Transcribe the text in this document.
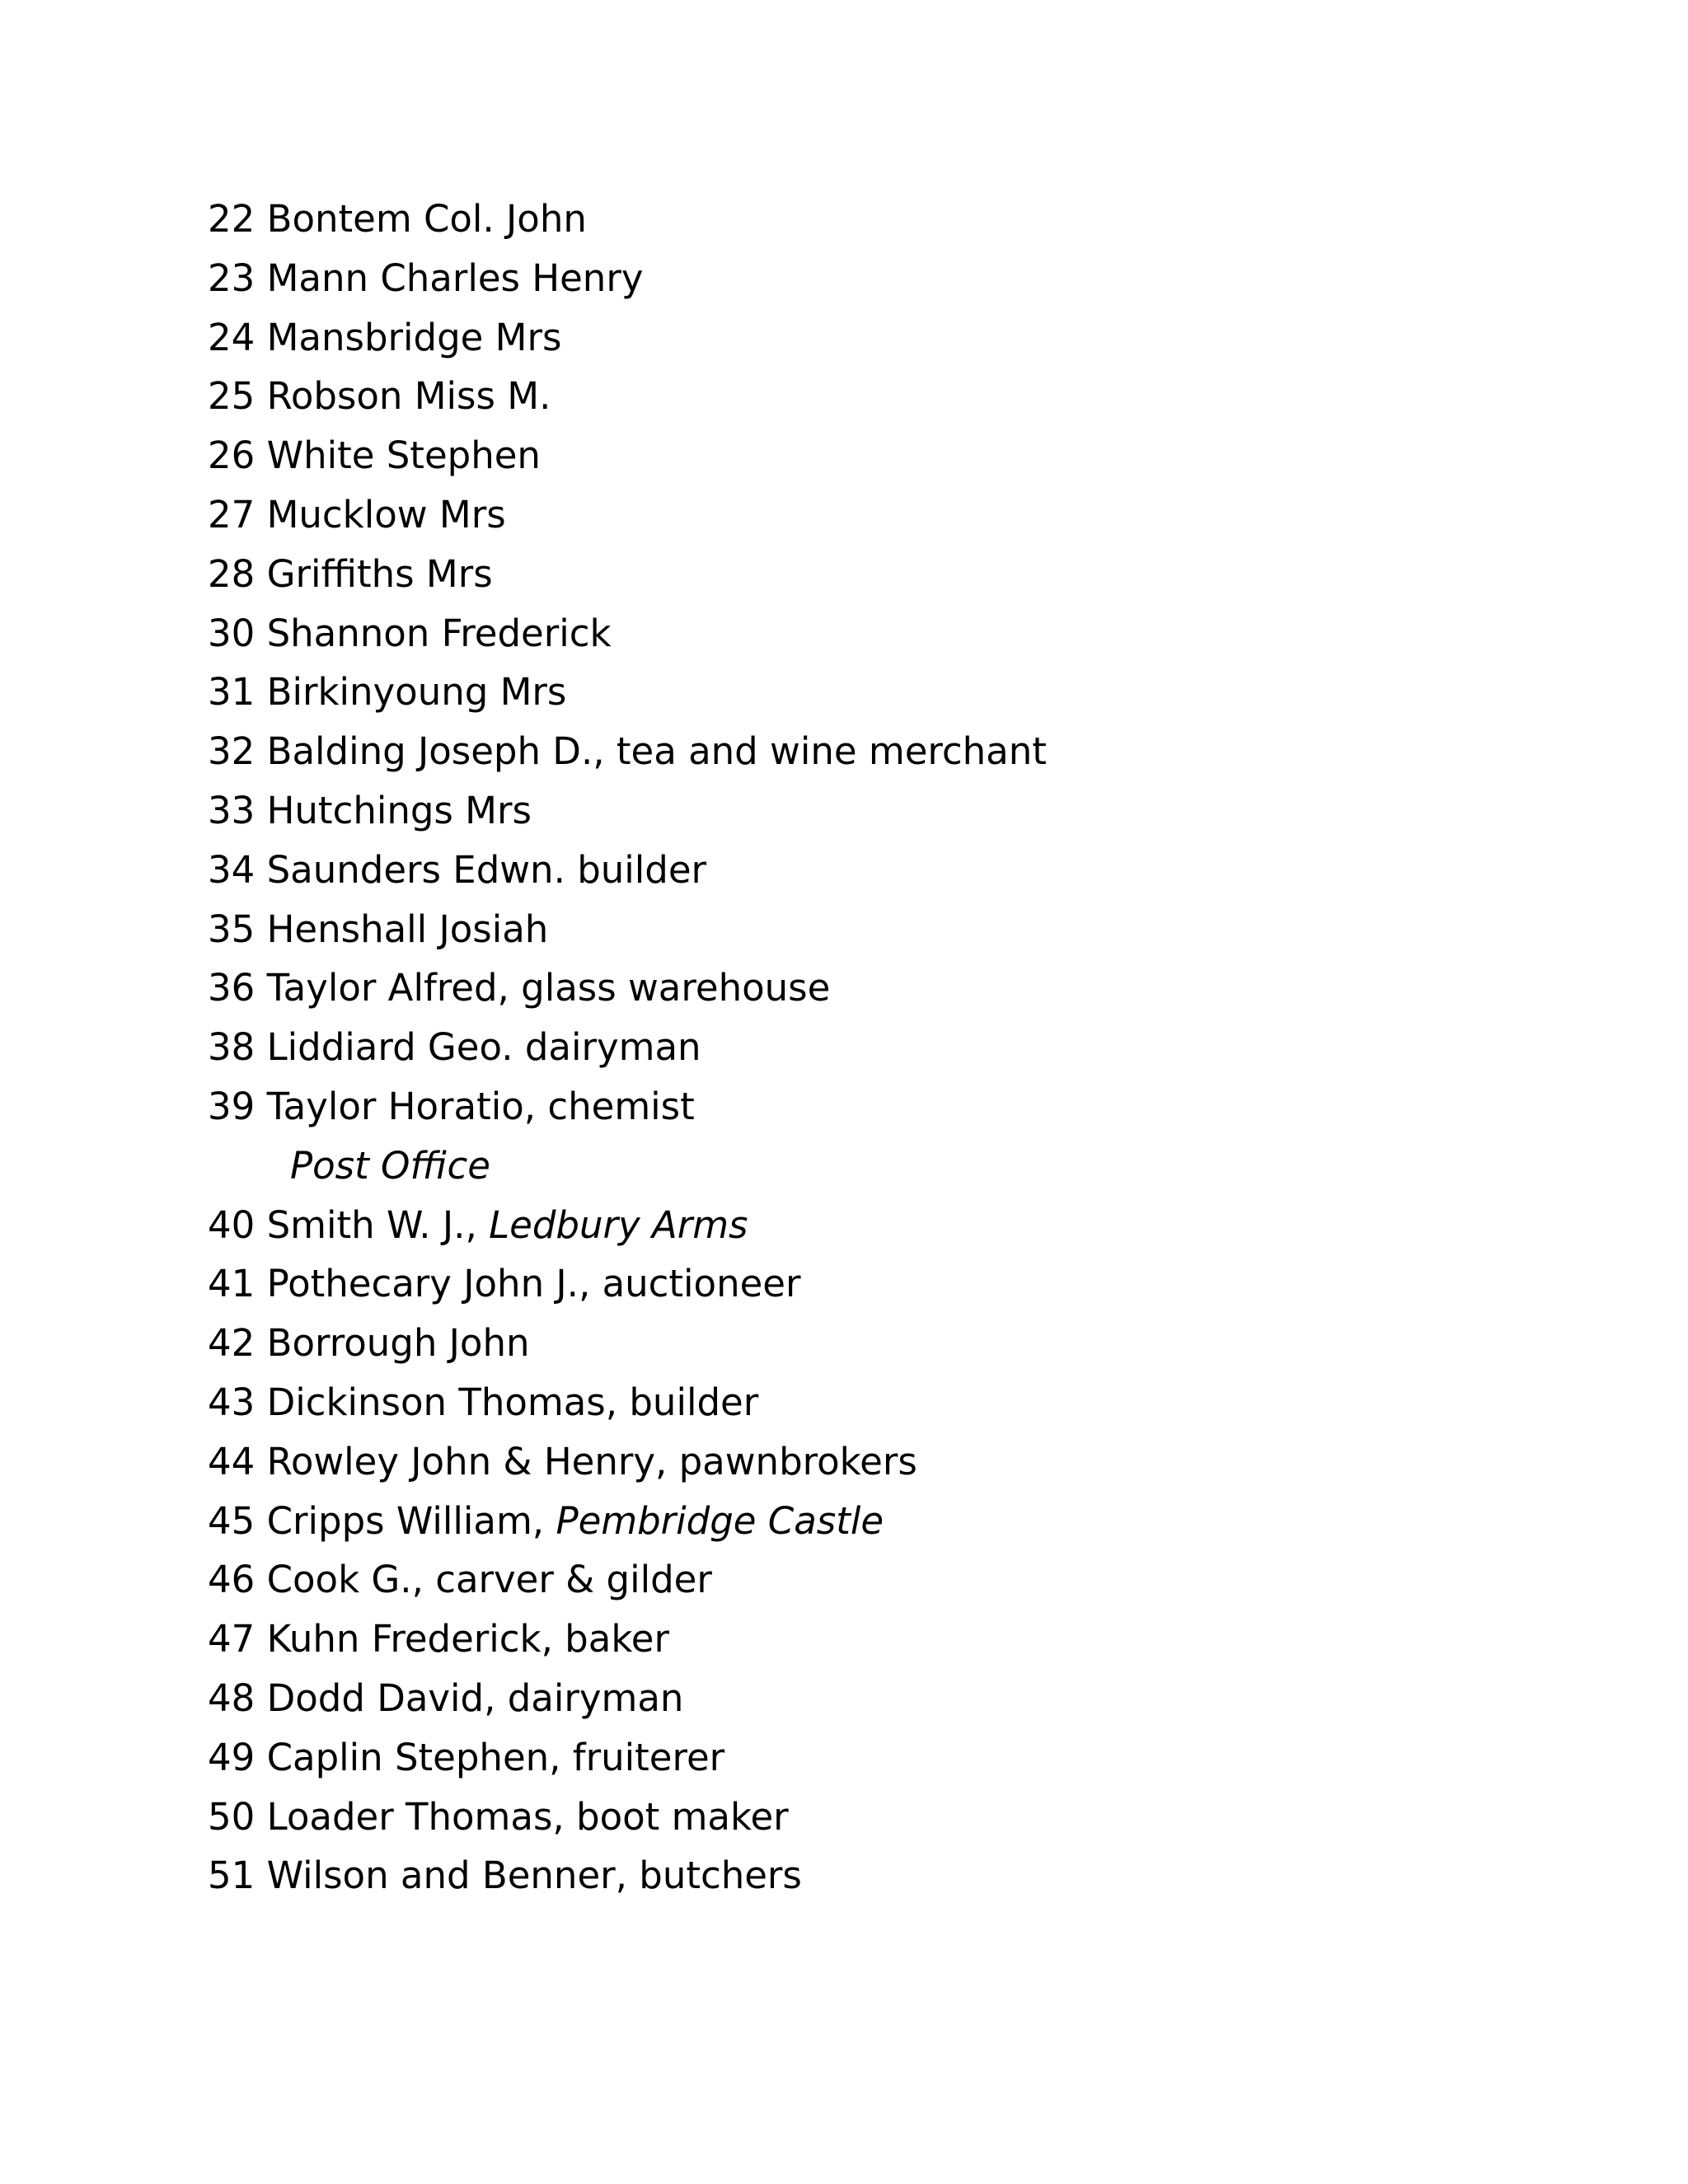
22 Bontem Col. John
23 Mann Charles Henry
24 Mansbridge Mrs
25 Robson Miss M.
26 White Stephen
27 Mucklow Mrs
28 Griffiths Mrs
30 Shannon Frederick
31 Birkinyoung Mrs
32 Balding Joseph D., tea and wine merchant
33 Hutchings Mrs
34 Saunders Edwn. builder
35 Henshall Josiah
36 Taylor Alfred, glass warehouse
38 Liddiard Geo. dairyman
39 Taylor Horatio, chemist
Post Office
40 Smith W. J., Ledbury Arms
41 Pothecary John J., auctioneer
42 Borrough John
43 Dickinson Thomas, builder
44 Rowley John & Henry, pawnbrokers
45 Cripps William, Pembridge Castle
46 Cook G., carver & gilder
47 Kuhn Frederick, baker
48 Dodd David, dairyman
49 Caplin Stephen, fruiterer
50 Loader Thomas, boot maker
51 Wilson and Benner, butchers
